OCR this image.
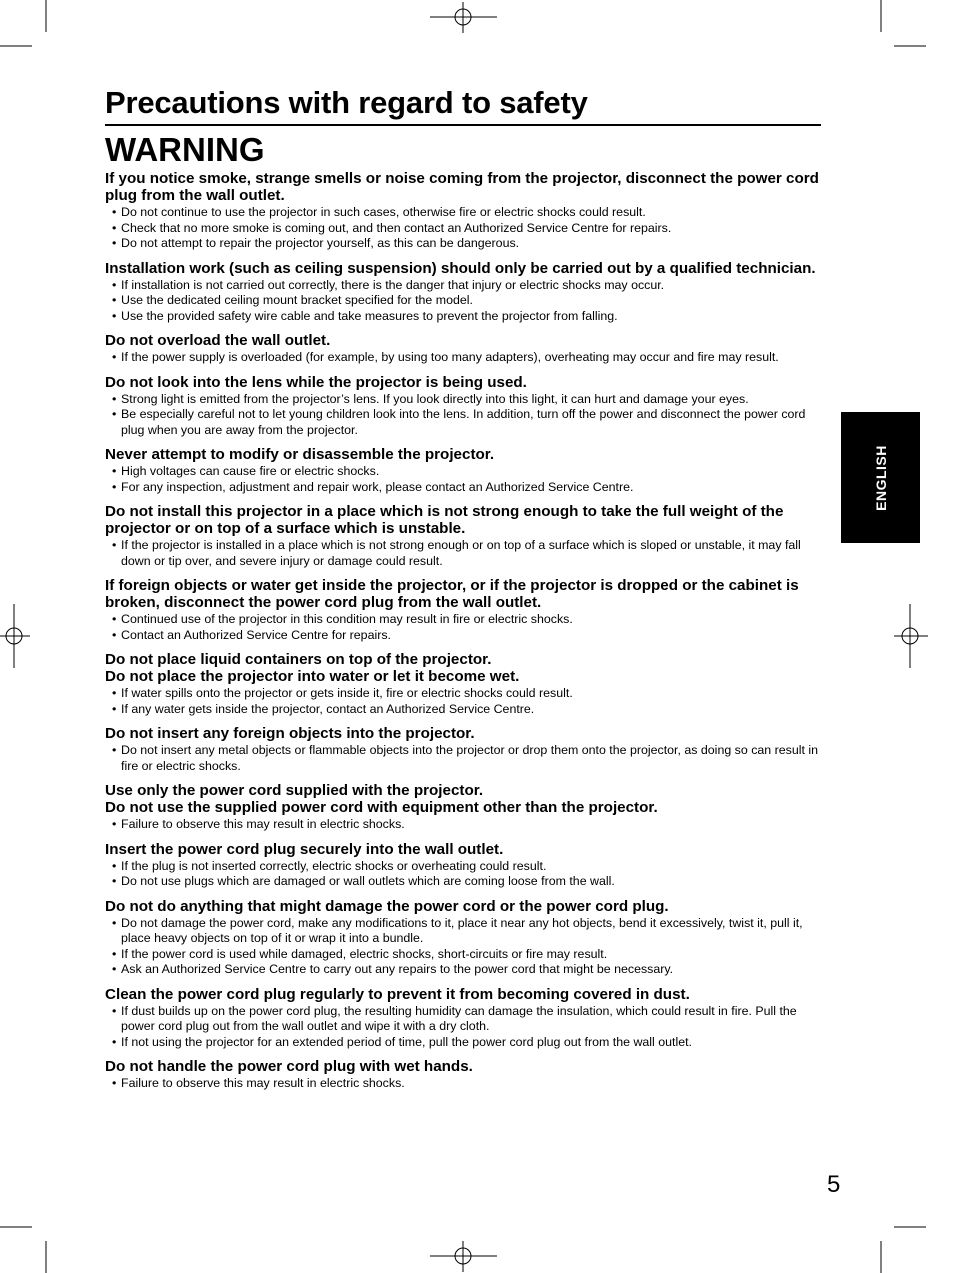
Precautions with regard to safety
WARNING
If you notice smoke, strange smells or noise coming from the projector, disconnect the power cord plug from the wall outlet.
• Do not continue to use the projector in such cases, otherwise fire or electric shocks could result.
• Check that no more smoke is coming out, and then contact an Authorized Service Centre for repairs.
• Do not attempt to repair the projector yourself, as this can be dangerous.
Installation work (such as ceiling suspension) should only be carried out by a qualified technician.
• If installation is not carried out correctly, there is the danger that injury or electric shocks may occur.
• Use the dedicated ceiling mount bracket specified for the model.
• Use the provided safety wire cable and take measures to prevent the projector from falling.
Do not overload the wall outlet.
• If the power supply is overloaded (for example, by using too many adapters), overheating may occur and fire may result.
Do not look into the lens while the projector is being used.
• Strong light is emitted from the projector’s lens. If you look directly into this light, it can hurt and damage your eyes.
• Be especially careful not to let young children look into the lens. In addition, turn off the power and disconnect the power cord plug when you are away from the projector.
Never attempt to modify or disassemble the projector.
• High voltages can cause fire or electric shocks.
• For any inspection, adjustment and repair work, please contact an Authorized Service Centre.
Do not install this projector in a place which is not strong enough to take the full weight of the projector or on top of a surface which is unstable.
• If the projector is installed in a place which is not strong enough or on top of a surface which is sloped or unstable, it may fall down or tip over, and severe injury or damage could result.
If foreign objects or water get inside the projector, or if the projector is dropped or the cabinet is broken, disconnect the power cord plug from the wall outlet.
• Continued use of the projector in this condition may result in fire or electric shocks.
• Contact an Authorized Service Centre for repairs.
Do not place liquid containers on top of the projector.
Do not place the projector into water or let it become wet.
• If water spills onto the projector or gets inside it, fire or electric shocks could result.
• If any water gets inside the projector, contact an Authorized Service Centre.
Do not insert any foreign objects into the projector.
• Do not insert any metal objects or flammable objects into the projector or drop them onto the projector, as doing so can result in fire or electric shocks.
Use only the power cord supplied with the projector.
Do not use the supplied power cord with equipment other than the projector.
• Failure to observe this may result in electric shocks.
Insert the power cord plug securely into the wall outlet.
• If the plug is not inserted correctly, electric shocks or overheating could result.
• Do not use plugs which are damaged or wall outlets which are coming loose from the wall.
Do not do anything that might damage the power cord or the power cord plug.
• Do not damage the power cord, make any modifications to it, place it near any hot objects, bend it excessively, twist it, pull it, place heavy objects on top of it or wrap it into a bundle.
• If the power cord is used while damaged, electric shocks, short-circuits or fire may result.
• Ask an Authorized Service Centre to carry out any repairs to the power cord that might be necessary.
Clean the power cord plug regularly to prevent it from becoming covered in dust.
• If dust builds up on the power cord plug, the resulting humidity can damage the insulation, which could result in fire. Pull the power cord plug out from the wall outlet and wipe it with a dry cloth.
• If not using the projector for an extended period of time, pull the power cord plug out from the wall outlet.
Do not handle the power cord plug with wet hands.
• Failure to observe this may result in electric shocks.
ENGLISH
5
